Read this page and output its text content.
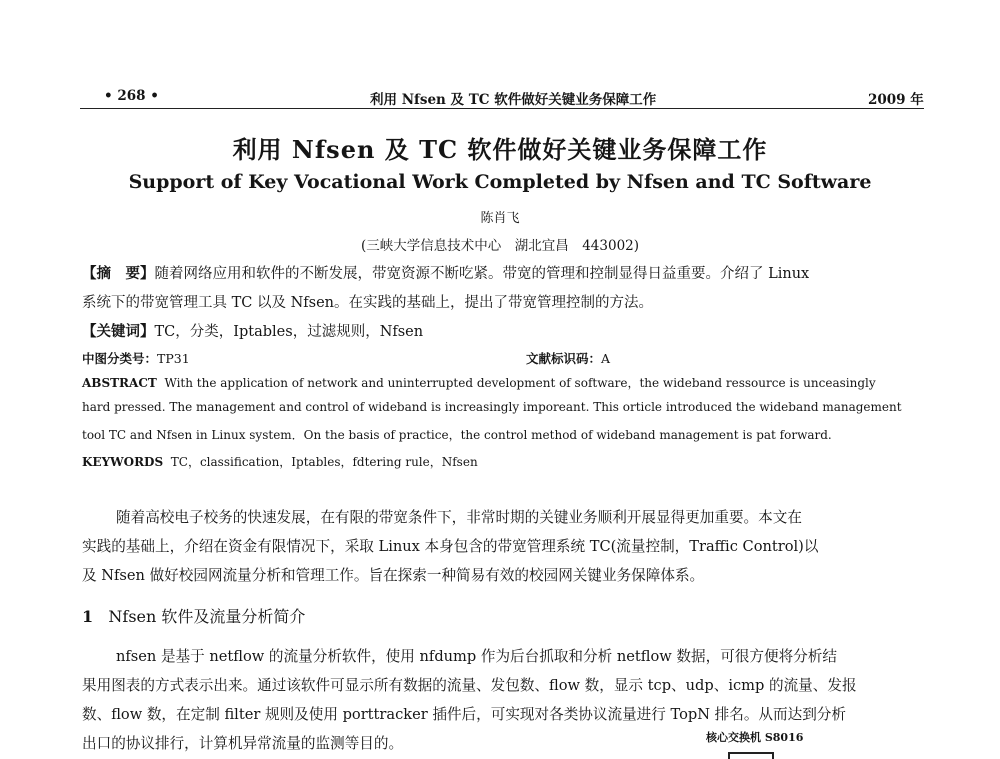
• 268 •	利用 Nfsen 及 TC 软件做好关键业务保障工作	2009 年
利用 Nfsen 及 TC 软件做好关键业务保障工作
Support of Key Vocational Work Completed by Nfsen and TC Software
陈肖飞
(三峡大学信息技术中心　湖北宜昌　443002)
【摘　要】随着网络应用和软件的不断发展，带宽资源不断吃紧。带宽的管理和控制显得日益重要。介绍了 Linux
系统下的带宽管理工具 TC 以及 Nfsen。在实践的基础上，提出了带宽管理控制的方法。
【关键词】TC，分类，Iptables，过滤规则，Nfsen
中图分类号：TP31	文献标识码：A
ABSTRACT With the application of network and uninterrupted development of software，the wideband ressource is unceasingly
hard pressed. The management and control of wideband is increasingly imporeant. This orticle introduced the wideband management
tool TC and Nfsen in Linux system．On the basis of practice，the control method of wideband management is pat forward.
KEYWORDS TC，classification，Iptables，fdtering rule，Nfsen
随着高校电子校务的快速发展，在有限的带宽条件下，非常时期的关键业务顺利开展显得更加重要。本文在
实践的基础上，介绍在资金有限情况下，采取 Linux 本身包含的带宽管理系统 TC(流量控制，Traffic Control)以
及 Nfsen 做好校园网流量分析和管理工作。旨在探索一种简易有效的校园网关键业务保障体系。
1 Nfsen 软件及流量分析简介
nfsen 是基于 netflow 的流量分析软件，使用 nfdump 作为后台抓取和分析 netflow 数据，可很方便将分析结
果用图表的方式表示出来。通过该软件可显示所有数据的流量、发包数、flow 数，显示 tcp、udp、icmp 的流量、发报
数、flow 数，在定制 filter 规则及使用 porttracker 插件后，可实现对各类协议流量进行 TopN 排名。从而达到分析
出口的协议排行，计算机异常流量的监测等目的。	核心交换机 S8016
